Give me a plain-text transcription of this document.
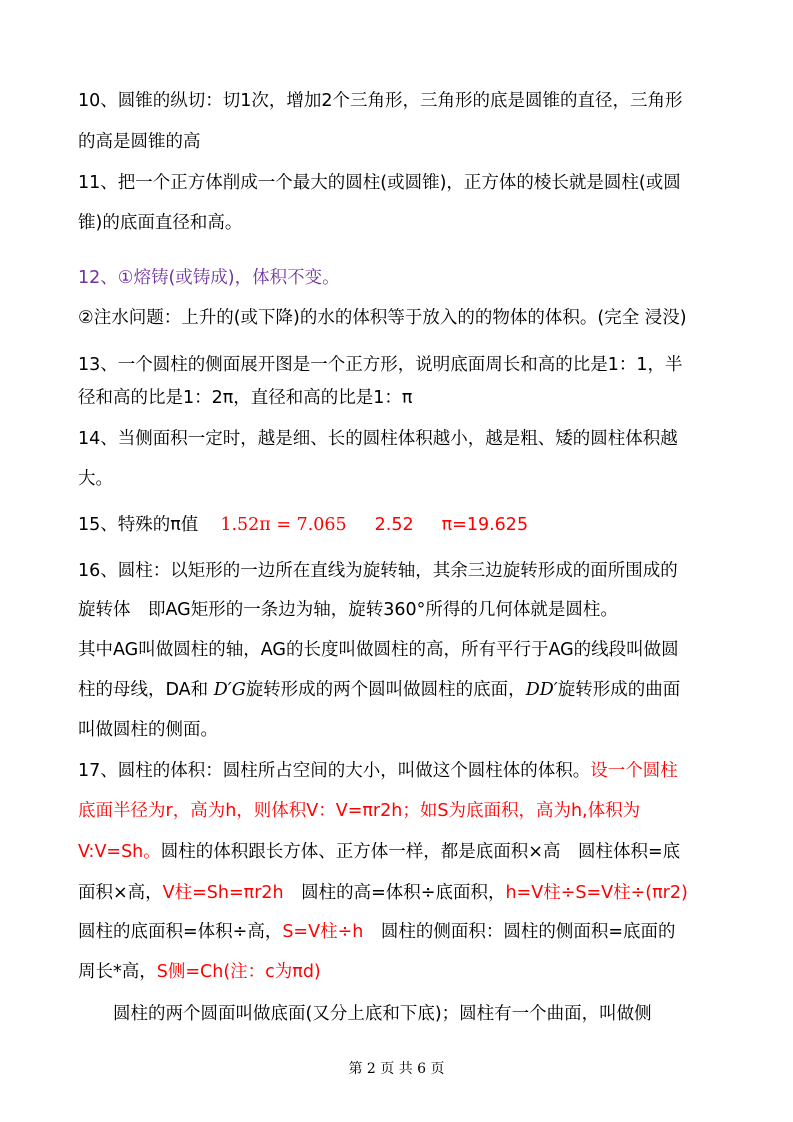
10、圆锥的纵切：切1次，增加2个三角形，三角形的底是圆锥的直径，三角形
的高是圆锥的高
11、把一个正方体削成一个最大的圆柱(或圆锥)，正方体的棱长就是圆柱(或圆
锥)的底面直径和高。
12、①熔铸(或铸成)，体积不变。
②注水问题：上升的(或下降)的水的体积等于放入的的物体的体积。(完全 浸没)
13、一个圆柱的侧面展开图是一个正方形，说明底面周长和高的比是1：1，半
径和高的比是1：2π，直径和高的比是1：π
14、当侧面积一定时，越是细、长的圆柱体积越小，越是粗、矮的圆柱体积越
大。
15、特殊的π值 1.52π = 7.065 2.52 π=19.625
16、圆柱：以矩形的一边所在直线为旋转轴，其余三边旋转形成的面所围成的
旋转体　即AG矩形的一条边为轴，旋转360°所得的几何体就是圆柱。
其中AG叫做圆柱的轴，AG的长度叫做圆柱的高，所有平行于AG的线段叫做圆
柱的母线，DA和 D′G旋转形成的两个圆叫做圆柱的底面，DD′旋转形成的曲面
叫做圆柱的侧面。
17、圆柱的体积：圆柱所占空间的大小，叫做这个圆柱体的体积。设一个圆柱
底面半径为r，高为h，则体积V：V=πr2h；如S为底面积，高为h,体积为
V:V=Sh。圆柱的体积跟长方体、正方体一样，都是底面积×高　圆柱体积=底
面积×高，V柱=Sh=πr2h　圆柱的高=体积÷底面积，h=V柱÷S=V柱÷(πr2)
圆柱的底面积=体积÷高，S=V柱÷h　圆柱的侧面积：圆柱的侧面积=底面的
周长*高，S侧=Ch(注：c为πd)
　　圆柱的两个圆面叫做底面(又分上底和下底)；圆柱有一个曲面，叫做侧
第 2 页 共 6 页
